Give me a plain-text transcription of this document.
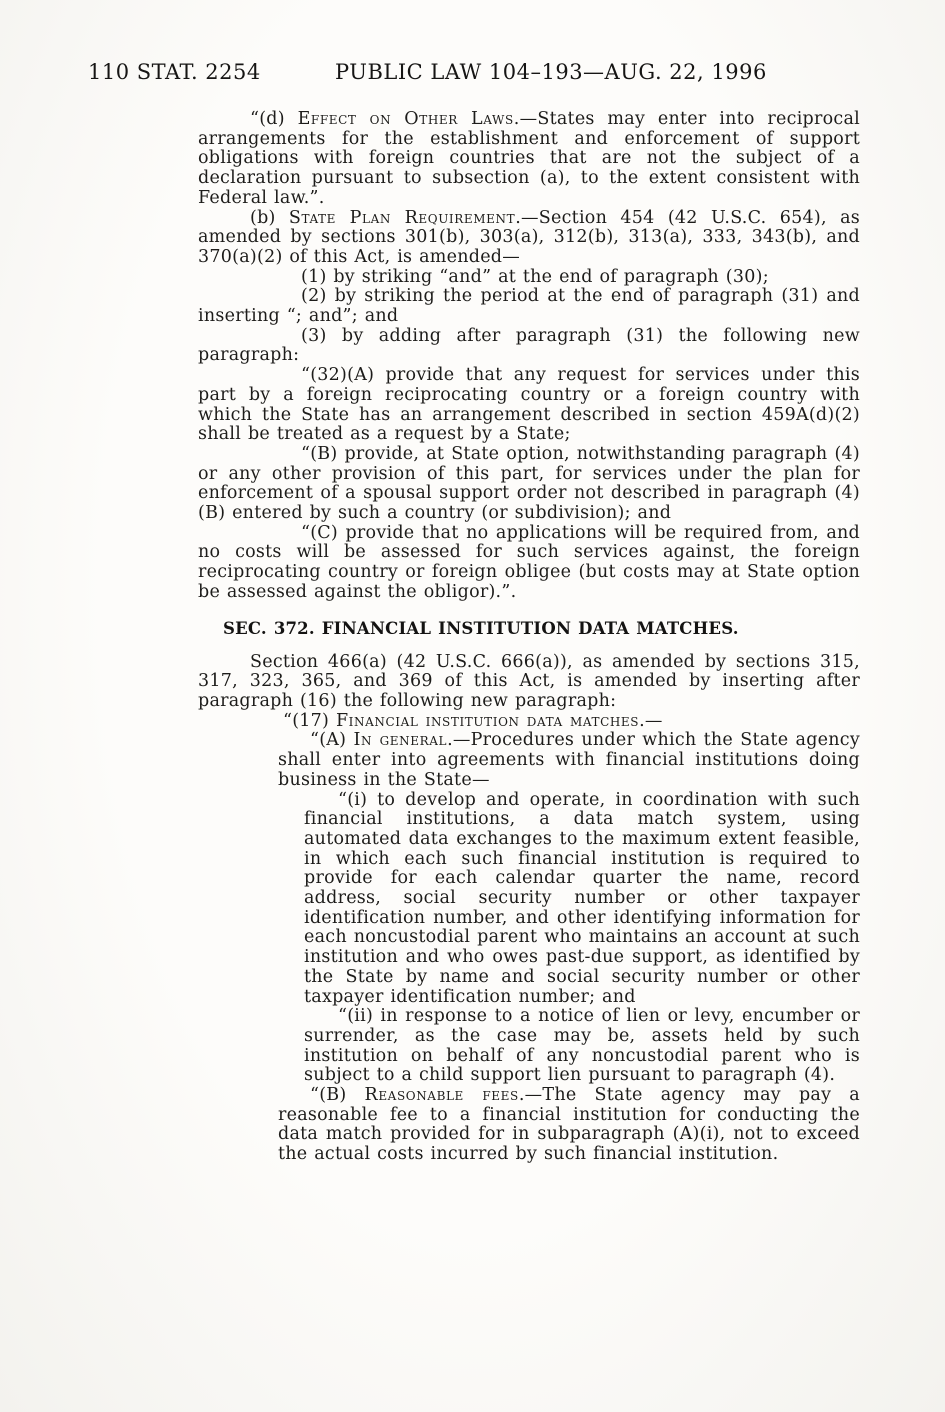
110 STAT. 2254	PUBLIC LAW 104–193—AUG. 22, 1996

“(d) Effect on Other Laws.—States may enter into reciprocal arrangements for the establishment and enforcement of support obligations with foreign countries that are not the subject of a declaration pursuant to subsection (a), to the extent consistent with Federal law.”.

(b) State Plan Requirement.—Section 454 (42 U.S.C. 654), as amended by sections 301(b), 303(a), 312(b), 313(a), 333, 343(b), and 370(a)(2) of this Act, is amended—

(1) by striking “and” at the end of paragraph (30);

(2) by striking the period at the end of paragraph (31) and inserting “; and”; and

(3) by adding after paragraph (31) the following new paragraph:

“(32)(A) provide that any request for services under this part by a foreign reciprocating country or a foreign country with which the State has an arrangement described in section 459A(d)(2) shall be treated as a request by a State;

“(B) provide, at State option, notwithstanding paragraph (4) or any other provision of this part, for services under the plan for enforcement of a spousal support order not described in paragraph (4)(B) entered by such a country (or subdivision); and

“(C) provide that no applications will be required from, and no costs will be assessed for such services against, the foreign reciprocating country or foreign obligee (but costs may at State option be assessed against the obligor).”.

SEC. 372. FINANCIAL INSTITUTION DATA MATCHES.

Section 466(a) (42 U.S.C. 666(a)), as amended by sections 315, 317, 323, 365, and 369 of this Act, is amended by inserting after paragraph (16) the following new paragraph:

“(17) Financial institution data matches.—

“(A) In general.—Procedures under which the State agency shall enter into agreements with financial institutions doing business in the State—

“(i) to develop and operate, in coordination with such financial institutions, a data match system, using automated data exchanges to the maximum extent feasible, in which each such financial institution is required to provide for each calendar quarter the name, record address, social security number or other taxpayer identification number, and other identifying information for each noncustodial parent who maintains an account at such institution and who owes past-due support, as identified by the State by name and social security number or other taxpayer identification number; and

“(ii) in response to a notice of lien or levy, encumber or surrender, as the case may be, assets held by such institution on behalf of any noncustodial parent who is subject to a child support lien pursuant to paragraph (4).

“(B) Reasonable fees.—The State agency may pay a reasonable fee to a financial institution for conducting the data match provided for in subparagraph (A)(i), not to exceed the actual costs incurred by such financial institution.
